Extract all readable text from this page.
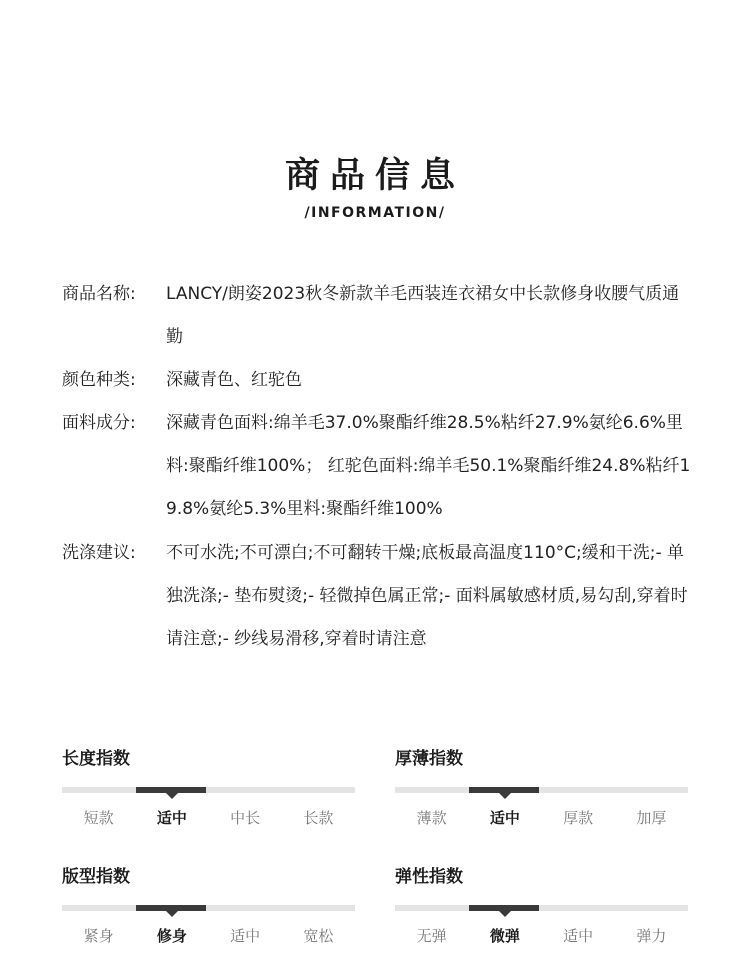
商品信息
/INFORMATION/
商品名称:	LANCY/朗姿2023秋冬新款羊毛西装连衣裙女中长款修身收腰气质通勤
颜色种类:	深藏青色、红驼色
面料成分:	深藏青色面料:绵羊毛37.0%聚酯纤维28.5%粘纤27.9%氨纶6.6%里料:聚酯纤维100%； 红驼色面料:绵羊毛50.1%聚酯纤维24.8%粘纤19.8%氨纶5.3%里料:聚酯纤维100%
洗涤建议:	不可水洗;不可漂白;不可翻转干燥;底板最高温度110°C;缓和干洗;- 单独洗涤;- 垫布熨烫;- 轻微掉色属正常;- 面料属敏感材质,易勾刮,穿着时请注意;- 纱线易滑移,穿着时请注意
长度指数
短款	适中	中长	长款
厚薄指数
薄款	适中	厚款	加厚
版型指数
紧身	修身	适中	宽松
弹性指数
无弹	微弹	适中	弹力
